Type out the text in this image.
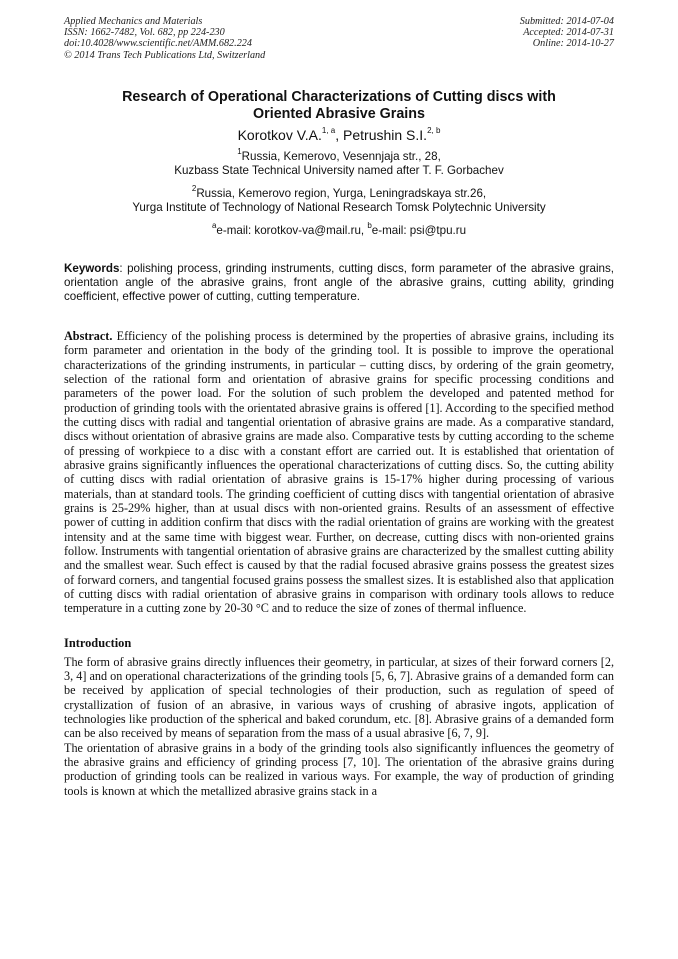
Applied Mechanics and Materials
ISSN: 1662-7482, Vol. 682, pp 224-230
doi:10.4028/www.scientific.net/AMM.682.224
© 2014 Trans Tech Publications Ltd, Switzerland
Submitted: 2014-07-04
Accepted: 2014-07-31
Online: 2014-10-27
Research of Operational Characterizations of Cutting discs with
Oriented Abrasive Grains
Korotkov V.A.$^{1, a}$, Petrushin S.I.$^{2, b}$
$^1$Russia, Kemerovo, Vesennjaja str., 28,
Kuzbass State Technical University named after T. F. Gorbachev
$^2$Russia, Kemerovo region, Yurga, Leningradskaya str.26,
Yurga Institute of Technology of National Research Tomsk Polytechnic University
$^a$e-mail: korotkov-va@mail.ru, $^b$e-mail: psi@tpu.ru
Keywords: polishing process, grinding instruments, cutting discs, form parameter of the abrasive grains, orientation angle of the abrasive grains, front angle of the abrasive grains, cutting ability, grinding coefficient, effective power of cutting, cutting temperature.
Abstract. Efficiency of the polishing process is determined by the properties of abrasive grains, including its form parameter and orientation in the body of the grinding tool. It is possible to improve the operational characterizations of the grinding instruments, in particular – cutting discs, by ordering of the grain geometry, selection of the rational form and orientation of abrasive grains for specific processing conditions and parameters of the power load. For the solution of such problem the developed and patented method for production of grinding tools with the orientated abrasive grains is offered [1]. According to the specified method the cutting discs with radial and tangential orientation of abrasive grains are made. As a comparative standard, discs without orientation of abrasive grains are made also. Comparative tests by cutting according to the scheme of pressing of workpiece to a disc with a constant effort are carried out. It is established that orientation of abrasive grains significantly influences the operational characterizations of cutting discs. So, the cutting ability of cutting discs with radial orientation of abrasive grains is 15-17% higher during processing of various materials, than at standard tools. The grinding coefficient of cutting discs with tangential orientation of abrasive grains is 25-29% higher, than at usual discs with non-oriented grains. Results of an assessment of effective power of cutting in addition confirm that discs with the radial orientation of grains are working with the greatest intensity and at the same time with biggest wear. Further, on decrease, cutting discs with non-oriented grains follow. Instruments with tangential orientation of abrasive grains are characterized by the smallest cutting ability and the smallest wear. Such effect is caused by that the radial focused abrasive grains possess the greatest sizes of forward corners, and tangential focused grains possess the smallest sizes. It is established also that application of cutting discs with radial orientation of abrasive grains in comparison with ordinary tools allows to reduce temperature in a cutting zone by 20-30 °C and to reduce the size of zones of thermal influence.
Introduction
The form of abrasive grains directly influences their geometry, in particular, at sizes of their forward corners [2, 3, 4] and on operational characterizations of the grinding tools [5, 6, 7]. Abrasive grains of a demanded form can be received by application of special technologies of their production, such as regulation of speed of crystallization of fusion of an abrasive, in various ways of crushing of abrasive ingots, application of technologies like production of the spherical and baked corundum, etc. [8]. Abrasive grains of a demanded form can be also received by means of separation from the mass of a usual abrasive [6, 7, 9].
The orientation of abrasive grains in a body of the grinding tools also significantly influences the geometry of the abrasive grains and efficiency of grinding process [7, 10]. The orientation of the abrasive grains during production of grinding tools can be realized in various ways. For example, the way of production of grinding tools is known at which the metallized abrasive grains stack in a
